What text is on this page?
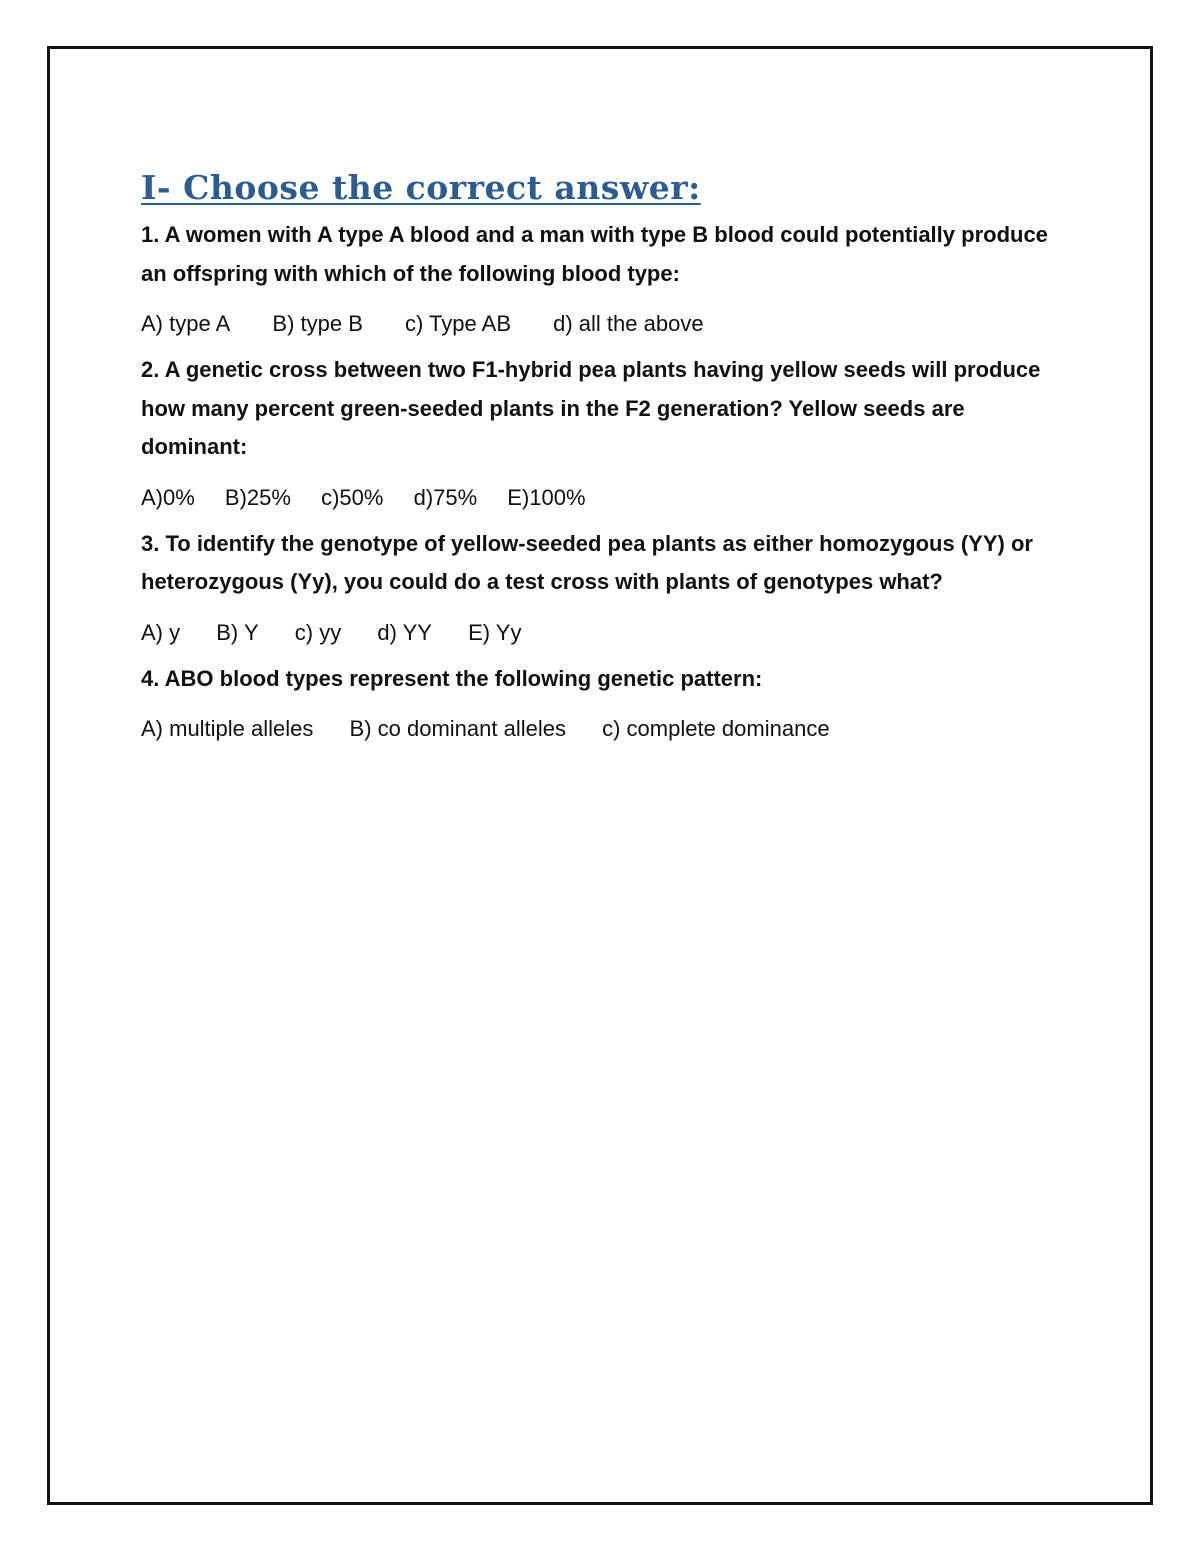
I- Choose the correct answer:

1. A women with A type A blood and a man with type B blood could potentially produce an offspring with which of the following blood type:

A) type A B) type B c) Type AB d) all the above

2. A genetic cross between two F1-hybrid pea plants having yellow seeds will produce how many percent green-seeded plants in the F2 generation? Yellow seeds are dominant:

A)0% B)25% c)50% d)75% E)100%

3. To identify the genotype of yellow-seeded pea plants as either homozygous (YY) or heterozygous (Yy), you could do a test cross with plants of genotypes what?

A) y B) Y c) yy d) YY E) Yy

4. ABO blood types represent the following genetic pattern:

A) multiple alleles B) co dominant alleles c) complete dominance
